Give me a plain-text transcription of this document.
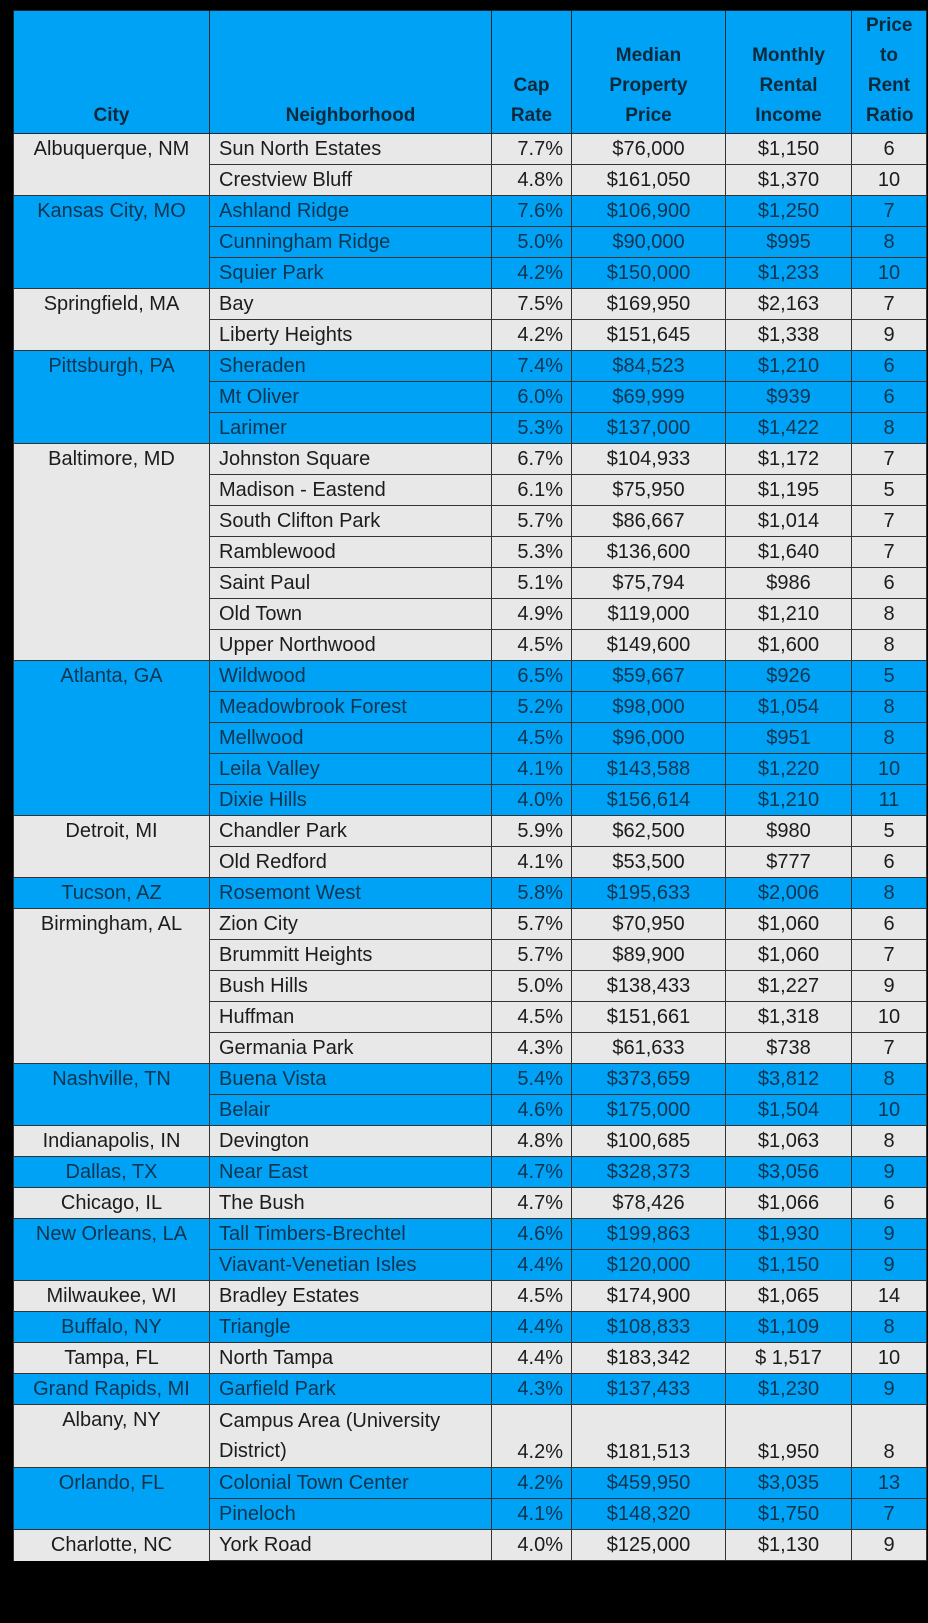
City	Neighborhood	Cap Rate	Median Property Price	Monthly Rental Income	Price to Rent Ratio
Albuquerque, NM	Sun North Estates	7.7%	$76,000	$1,150	6
	Crestview Bluff	4.8%	$161,050	$1,370	10
Kansas City, MO	Ashland Ridge	7.6%	$106,900	$1,250	7
	Cunningham Ridge	5.0%	$90,000	$995	8
	Squier Park	4.2%	$150,000	$1,233	10
Springfield, MA	Bay	7.5%	$169,950	$2,163	7
	Liberty Heights	4.2%	$151,645	$1,338	9
Pittsburgh, PA	Sheraden	7.4%	$84,523	$1,210	6
	Mt Oliver	6.0%	$69,999	$939	6
	Larimer	5.3%	$137,000	$1,422	8
Baltimore, MD	Johnston Square	6.7%	$104,933	$1,172	7
	Madison - Eastend	6.1%	$75,950	$1,195	5
	South Clifton Park	5.7%	$86,667	$1,014	7
	Ramblewood	5.3%	$136,600	$1,640	7
	Saint Paul	5.1%	$75,794	$986	6
	Old Town	4.9%	$119,000	$1,210	8
	Upper Northwood	4.5%	$149,600	$1,600	8
Atlanta, GA	Wildwood	6.5%	$59,667	$926	5
	Meadowbrook Forest	5.2%	$98,000	$1,054	8
	Mellwood	4.5%	$96,000	$951	8
	Leila Valley	4.1%	$143,588	$1,220	10
	Dixie Hills	4.0%	$156,614	$1,210	11
Detroit, MI	Chandler Park	5.9%	$62,500	$980	5
	Old Redford	4.1%	$53,500	$777	6
Tucson, AZ	Rosemont West	5.8%	$195,633	$2,006	8
Birmingham, AL	Zion City	5.7%	$70,950	$1,060	6
	Brummitt Heights	5.7%	$89,900	$1,060	7
	Bush Hills	5.0%	$138,433	$1,227	9
	Huffman	4.5%	$151,661	$1,318	10
	Germania Park	4.3%	$61,633	$738	7
Nashville, TN	Buena Vista	5.4%	$373,659	$3,812	8
	Belair	4.6%	$175,000	$1,504	10
Indianapolis, IN	Devington	4.8%	$100,685	$1,063	8
Dallas, TX	Near East	4.7%	$328,373	$3,056	9
Chicago, IL	The Bush	4.7%	$78,426	$1,066	6
New Orleans, LA	Tall Timbers-Brechtel	4.6%	$199,863	$1,930	9
	Viavant-Venetian Isles	4.4%	$120,000	$1,150	9
Milwaukee, WI	Bradley Estates	4.5%	$174,900	$1,065	14
Buffalo, NY	Triangle	4.4%	$108,833	$1,109	8
Tampa, FL	North Tampa	4.4%	$183,342	$ 1,517	10
Grand Rapids, MI	Garfield Park	4.3%	$137,433	$1,230	9
Albany, NY	Campus Area (University District)	4.2%	$181,513	$1,950	8
Orlando, FL	Colonial Town Center	4.2%	$459,950	$3,035	13
	Pineloch	4.1%	$148,320	$1,750	7
Charlotte, NC	York Road	4.0%	$125,000	$1,130	9
